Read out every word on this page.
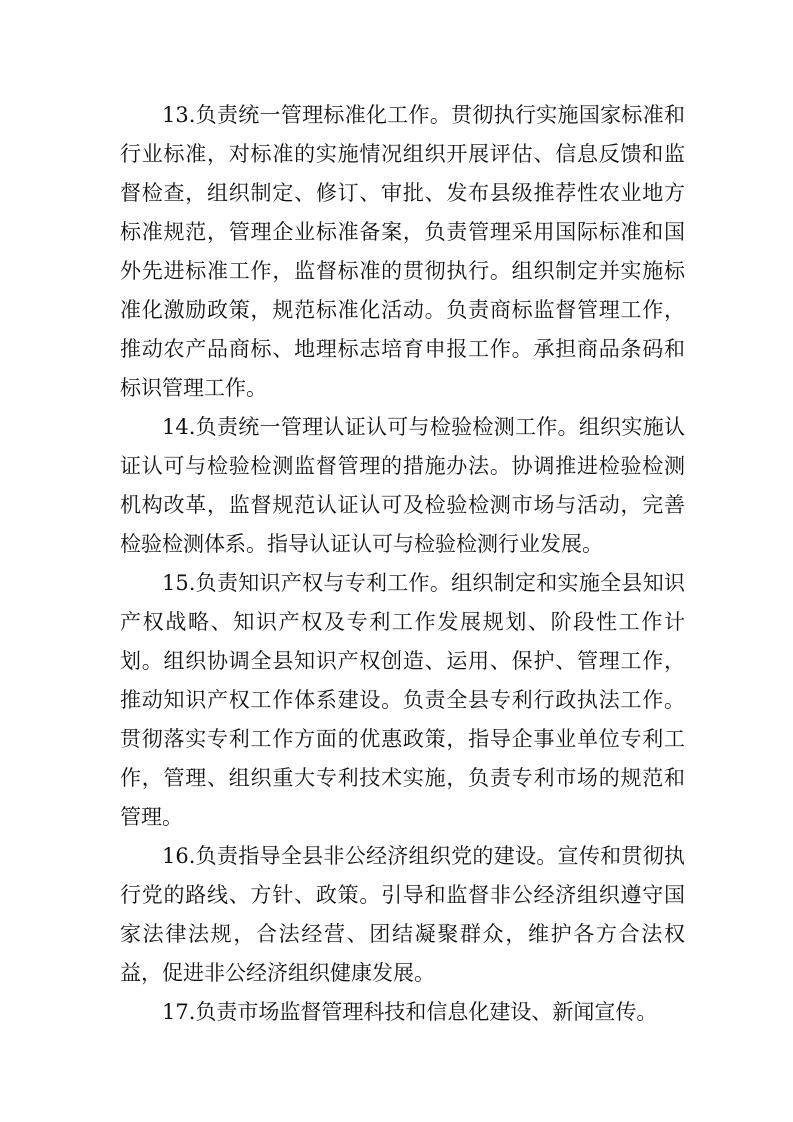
13.负责统一管理标准化工作。贯彻执行实施国家标准和行业标准，对标准的实施情况组织开展评估、信息反馈和监督检查，组织制定、修订、审批、发布县级推荐性农业地方标准规范，管理企业标准备案，负责管理采用国际标准和国外先进标准工作，监督标准的贯彻执行。组织制定并实施标准化激励政策，规范标准化活动。负责商标监督管理工作，推动农产品商标、地理标志培育申报工作。承担商品条码和标识管理工作。

14.负责统一管理认证认可与检验检测工作。组织实施认证认可与检验检测监督管理的措施办法。协调推进检验检测机构改革，监督规范认证认可及检验检测市场与活动，完善检验检测体系。指导认证认可与检验检测行业发展。

15.负责知识产权与专利工作。组织制定和实施全县知识产权战略、知识产权及专利工作发展规划、阶段性工作计划。组织协调全县知识产权创造、运用、保护、管理工作，推动知识产权工作体系建设。负责全县专利行政执法工作。贯彻落实专利工作方面的优惠政策，指导企事业单位专利工作，管理、组织重大专利技术实施，负责专利市场的规范和管理。

16.负责指导全县非公经济组织党的建设。宣传和贯彻执行党的路线、方针、政策。引导和监督非公经济组织遵守国家法律法规，合法经营、团结凝聚群众，维护各方合法权益，促进非公经济组织健康发展。

17.负责市场监督管理科技和信息化建设、新闻宣传。
